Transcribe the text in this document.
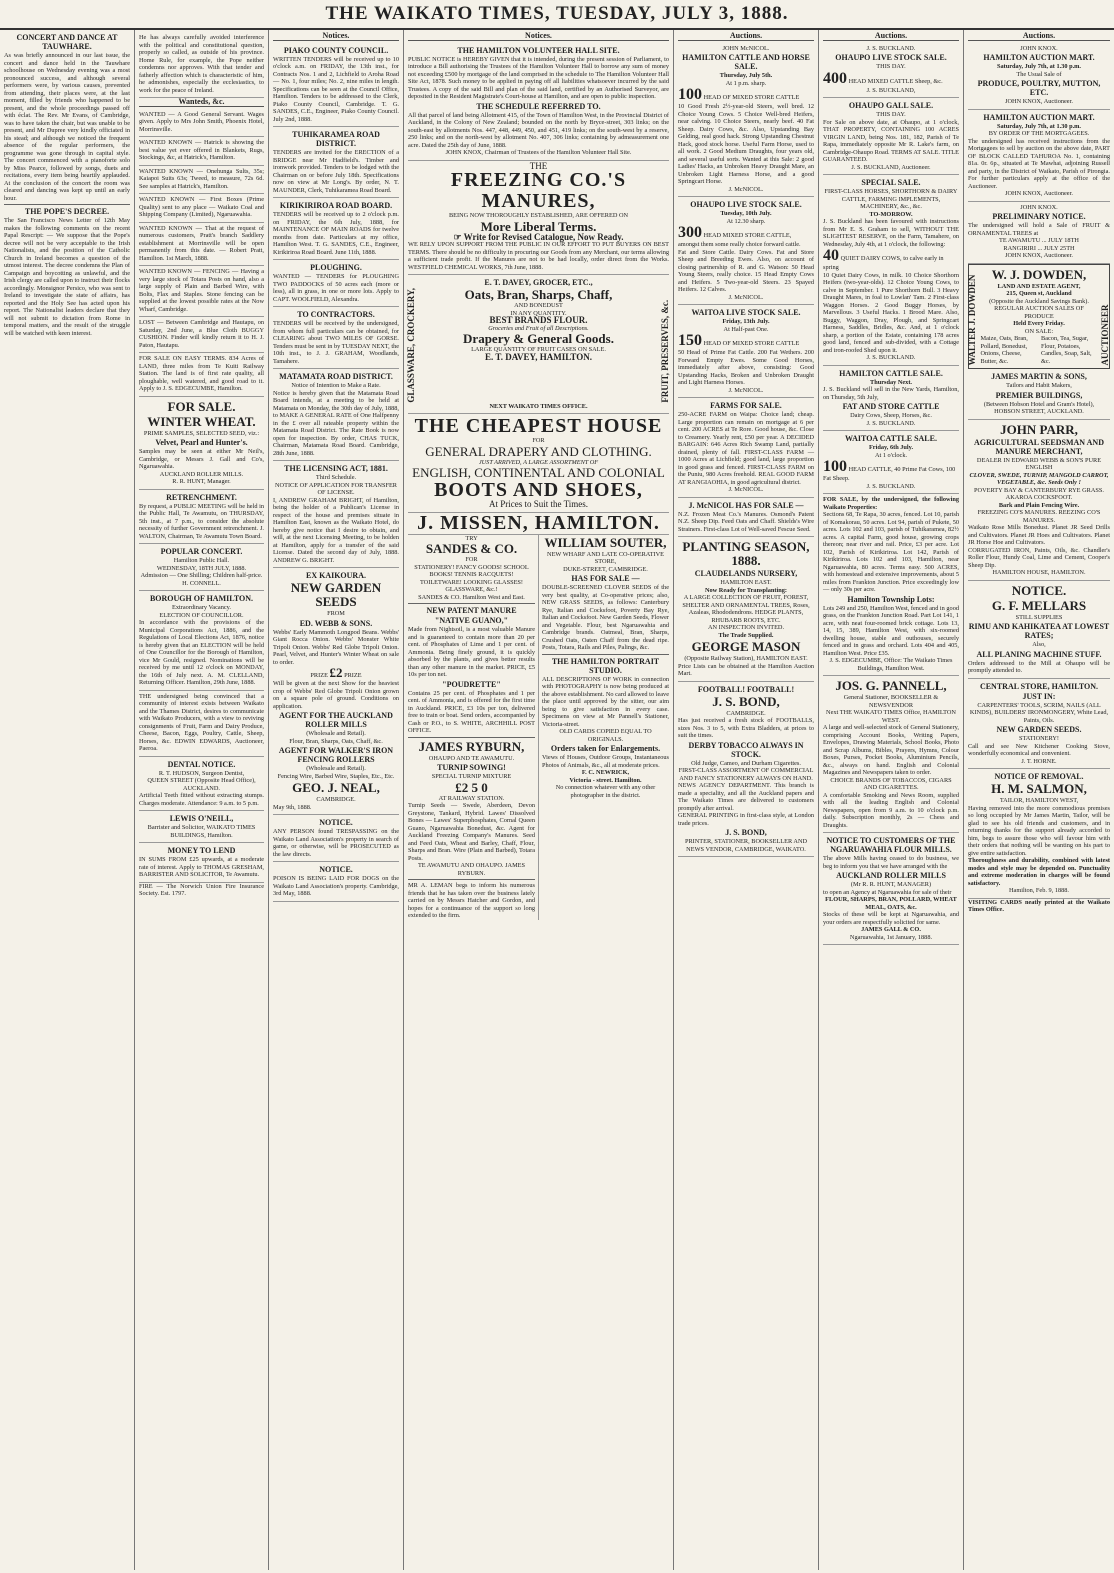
THE WAIKATO TIMES, TUESDAY, JULY 3, 1888.
CONCERT AND DANCE AT TAUWHARE.
As was briefly announced in our last issue, the concert and dance held in the Tauwhare schoolhouse on Wednesday evening was a most pronounced success, and although several performers were, by various causes, prevented from attending, their places were, at the last moment, filled by friends who happened to be present, and the whole proceedings passed off with éclat. The Rev. Mr Evans, of Cambridge, was to have taken the chair, but was unable to be present, and Mr Dupree very kindly officiated in his stead; and although we noticed the frequent absence of the regular performers, the programme was gone through in capital style. The concert commenced with a pianoforte solo by Miss Pearce, followed by songs, duets and recitations, every item being heartily applauded. At the conclusion of the concert the room was cleared and dancing was kept up until an early hour.
THE POPE'S DECREE.
The San Francisco News Letter of 12th May makes the following comments on the recent Papal Rescript: — We suppose that the Pope's decree will not be very acceptable to the Irish Nationalists, and the position of the Catholic Church in Ireland becomes a question of the utmost interest. The decree condemns the Plan of Campaign and boycotting as unlawful, and the Irish clergy are called upon to instruct their flocks accordingly. Monsignor Persico, who was sent to Ireland to investigate the state of affairs, has reported and the Holy See has acted upon his report. The Nationalist leaders declare that they will not submit to dictation from Rome in temporal matters, and the result of the struggle will be watched with keen interest.
He has always carefully avoided interference with the political and constitutional question, properly so called, as outside of his province. Home Rule, for example, the Pope neither condemns nor approves. With that tender and fatherly affection which is characteristic of him, he admonishes, especially the ecclesiastics, to work for the peace of Ireland.
Wanteds, &c.
WANTED — A Good General Servant. Wages given. Apply to Mrs John Smith, Phoenix Hotel, Morrinsville.
WANTED KNOWN — Hatrick is showing the best value yet ever offered in Blankets, Rugs, Stockings, &c, at Hatrick's, Hamilton.
WANTED KNOWN — Onehunga Sults, 35s; Kaiapoi Suits 63s; Tweed, to measure, 72s 6d. See samples at Hatrick's, Hamilton.
WANTED KNOWN — First Boxes (Prime Quality) sent to any place — Waikato Coal and Shipping Company (Limited), Ngaruawahia.
WANTED KNOWN — That at the request of numerous customers, Pratt's branch Saddlery establishment at Morrinsville will be open permanently from this date. — Robert Pratt, Hamilton. 1st March, 1888.
WANTED KNOWN — FENCING — Having a very large stock of Totara Posts on hand, also a large supply of Plain and Barbed Wire, with Bolts, Flax and Staples. Stone fencing can be supplied at the lowest possible rates at the Now Wharf, Cambridge.
LOST — Between Cambridge and Hautapu, on Saturday, 2nd June, a Blue Cloth BUGGY CUSHION. Finder will kindly return it to H. J. Paton, Hautapu.
FOR SALE ON EASY TERMS. 834 Acres of LAND, three miles from Te Kuiti Railway Station. The land is of first rate quality, all ploughable, well watered, and good road to it. Apply to J. S. EDGECUMBE, Hamilton.
FOR SALE.
WINTER WHEAT.
PRIME SAMPLES, SELECTED SEED, viz.:
Velvet, Pearl and Hunter's.
Samples may be seen at either Mr Neil's, Cambridge, or Messrs J. Gall and Co's, Ngaruawahia.
AUCKLAND ROLLER MILLS.
R. R. HUNT, Manager.
RETRENCHMENT.
By request, a PUBLIC MEETING will be held in the Public Hall, Te Awamutu, on THURSDAY, 5th inst., at 7 p.m., to consider the absolute necessity of further Government retrenchment. J. WALTON, Chairman, Te Awamutu Town Board.
POPULAR CONCERT.
Hamilton Public Hall.
WEDNESDAY, 18TH JULY, 1888.
Admission — One Shilling; Children half-price. H. CONNELL.
BOROUGH OF HAMILTON.
Extraordinary Vacancy.
ELECTION OF COUNCILLOR.
In accordance with the provisions of the Municipal Corporations Act, 1886, and the Regulations of Local Elections Act, 1876, notice is hereby given that an ELECTION will be held of One Councillor for the Borough of Hamilton, vice Mr Gould, resigned. Nominations will be received by me until 12 o'clock on MONDAY, the 16th of July next. A. M. CLELLAND, Returning Officer. Hamilton, 29th June, 1888.
THE undersigned being convinced that a community of interest exists between Waikato and the Thames District, desires to communicate with Waikato Producers, with a view to reviving consignments of Fruit, Farm and Dairy Produce, Cheese, Bacon, Eggs, Poultry, Cattle, Sheep, Horses, &c. EDWIN EDWARDS, Auctioneer, Paeroa.
DENTAL NOTICE.
R. T. HUDSON, Surgeon Dentist,
QUEEN STREET (Opposite Head Office), AUCKLAND.
Artificial Teeth fitted without extracting stumps. Charges moderate. Attendance: 9 a.m. to 5 p.m.
LEWIS O'NEILL,
Barrister and Solicitor, WAIKATO TIMES BUILDINGS, Hamilton.
MONEY TO LEND
IN SUMS FROM £25 upwards, at a moderate rate of interest. Apply to THOMAS GRESHAM, BARRISTER AND SOLICITOR, Te Awamutu.
FIRE — The Norwich Union Fire Insurance Society. Est. 1797.
Notices.
PIAKO COUNTY COUNCIL.
WRITTEN TENDERS will be received up to 10 o'clock a.m. on FRIDAY, the 13th inst., for Contracts Nos. 1 and 2, Lichfield to Aroha Road — No. 1, four miles; No. 2, nine miles in length. Specifications can be seen at the Council Office, Hamilton. Tenders to be addressed to the Clerk, Piako County Council, Cambridge. T. G. SANDES, C.E., Engineer, Piako County Council. July 2nd, 1888.
TUHIKARAMEA ROAD DISTRICT.
TENDERS are invited for the ERECTION of a BRIDGE near Mr Hadfield's. Timber and ironwork provided. Tenders to be lodged with the Chairman on or before July 18th. Specifications now on view at Mr Long's. By order, N. T. MAUNDER, Clerk, Tuhikaramea Road Board.
KIRIKIRIROA ROAD BOARD.
TENDERS will be received up to 2 o'clock p.m. on FRIDAY, the 6th July, 1888, for MAINTENANCE OF MAIN ROADS for twelve months from date. Particulars at my office, Hamilton West. T. G. SANDES, C.E., Engineer, Kirikiriroa Road Board. June 11th, 1888.
PLOUGHING.
WANTED — TENDERS for PLOUGHING TWO PADDOCKS of 50 acres each (more or less), all in grass, in one or more lots. Apply to CAPT. WOOLFIELD, Alexandra.
TO CONTRACTORS.
TENDERS will be received by the undersigned, from whom full particulars can be obtained, for CLEARING about TWO MILES OF GORSE. Tenders must be sent in by TUESDAY NEXT, the 10th inst., to J. J. GRAHAM, Woodlands, Tamahere.
MATAMATA ROAD DISTRICT.
Notice of Intention to Make a Rate.
Notice is hereby given that the Matamata Road Board intends, at a meeting to be held at Matamata on Monday, the 30th day of July, 1888, to MAKE A GENERAL RATE of One Halfpenny in the £ over all rateable property within the Matamata Road District. The Rate Book is now open for inspection. By order, CHAS TUCK, Chairman, Matamata Road Board. Cambridge, 28th June, 1888.
THE LICENSING ACT, 1881.
Third Schedule.
NOTICE OF APPLICATION FOR TRANSFER OF LICENSE.
I, ANDREW GRAHAM BRIGHT, of Hamilton, being the holder of a Publican's License in respect of the house and premises situate in Hamilton East, known as the Waikato Hotel, do hereby give notice that I desire to obtain, and will, at the next Licensing Meeting, to be holden at Hamilton, apply for a transfer of the said License. Dated the second day of July, 1888. ANDREW G. BRIGHT.
EX KAIKOURA.
NEW GARDEN SEEDS
FROM
ED. WEBB & SONS.
Webbs' Early Mammoth Longpod Beans. Webbs' Giant Rocca Onion. Webbs' Monster White Tripoli Onion. Webbs' Red Globe Tripoli Onion. Pearl, Velvet, and Hunter's Winter Wheat on sale to order.
PRIZE £2 PRIZE
Will be given at the next Show for the heaviest crop of Webbs' Red Globe Tripoli Onion grown on a square pole of ground. Conditions on application.
AGENT FOR THE AUCKLAND ROLLER MILLS
(Wholesale and Retail).
Flour, Bran, Sharps, Oats, Chaff, &c.
AGENT FOR WALKER'S IRON FENCING ROLLERS
(Wholesale and Retail).
Fencing Wire, Barbed Wire, Staples, Etc., Etc.
GEO. J. NEAL,
CAMBRIDGE.
May 9th, 1888.
NOTICE.
ANY PERSON found TRESPASSING on the Waikato Land Association's property in search of game, or otherwise, will be PROSECUTED as the law directs.
NOTICE.
POISON IS BEING LAID FOR DOGS on the Waikato Land Association's property. Cambridge, 3rd May, 1888.
Notices.
THE HAMILTON VOLUNTEER HALL SITE.
PUBLIC NOTICE is HEREBY GIVEN that it is intended, during the present session of Parliament, to introduce a Bill authorising the Trustees of the Hamilton Volunteer Hall to borrow any sum of money not exceeding £500 by mortgage of the land comprised in the schedule to The Hamilton Volunteer Hall Site Act, 1878. Such money to be applied in paying off all liabilities whatsoever incurred by the said Trustees. A copy of the said Bill and plan of the said land, certified by an Authorised Surveyor, are deposited in the Resident Magistrate's Court-house at Hamilton, and are open to public inspection.
THE SCHEDULE REFERRED TO.
All that parcel of land being Allotment 415, of the Town of Hamilton West, in the Provincial District of Auckland, in the Colony of New Zealand; bounded on the north by Bryce-street, 303 links; on the south-east by allotments Nos. 447, 448, 449, 450, and 451, 419 links; on the south-west by a reserve, 250 links; and on the north-west by allotment No. 407, 306 links; containing by admeasurement one acre. Dated the 25th day of June, 1888.
JOHN KNOX, Chairman of Trustees of the Hamilton Volunteer Hall Site.
THE
FREEZING CO.'S MANURES,
BEING NOW THOROUGHLY ESTABLISHED, ARE OFFERED ON
More Liberal Terms.
☞ Write for Revised Catalogue, Now Ready.
WE RELY UPON SUPPORT FROM THE PUBLIC IN OUR EFFORT TO PUT BUYERS ON BEST TERMS. There should be no difficulty in procuring our Goods from any Merchant, our terms allowing a sufficient trade profit. If the Manures are not to be had locally, order direct from the Works. WESTFIELD CHEMICAL WORKS, 7th June, 1888.
E. T. DAVEY, GROCER, ETC.,
GLASSWARE, CROCKERY,	Oats, Bran, Sharps, Chaff,
AND BONEDUST
IN ANY QUANTITY.
BEST BRANDS FLOUR.
Groceries and Fruit of all Descriptions.
Drapery & General Goods.
LARGE QUANTITY OF FRUIT CASES ON SALE.
E. T. DAVEY, HAMILTON.	FRUIT, PRESERVES, &c.
NEXT WAIKATO TIMES OFFICE.
THE CHEAPEST HOUSE
FOR
GENERAL DRAPERY AND CLOTHING.
JUST ARRIVED, A LARGE ASSORTMENT OF
ENGLISH, CONTINENTAL AND COLONIAL
BOOTS AND SHOES,
At Prices to Suit the Times.
J. MISSEN, HAMILTON.
TRY
SANDES & CO.
FOR
STATIONERY! FANCY GOODS! SCHOOL BOOKS! TENNIS RACQUETS! TOILETWARE! LOOKING GLASSES! GLASSWARE, &c.!
SANDES & CO. Hamilton West and East.
NEW PATENT MANURE
"NATIVE GUANO,"
Made from Nightsoil, is a most valuable Manure and is guaranteed to contain more than 20 per cent. of Phosphates of Lime and 1 per cent. of Ammonia. Being finely ground, it is quickly absorbed by the plants, and gives better results than any other manure in the market. PRICE, £5 10s per ton net.
"POUDRETTE"
Contains 25 per cent. of Phosphates and 1 per cent. of Ammonia, and is offered for the first time in Auckland. PRICE, £3 10s per ton, delivered free to train or boat. Send orders, accompanied by Cash or P.O., to S. WHITE, ARCHHILL POST OFFICE.
JAMES RYBURN,
OHAUPO AND TE AWAMUTU.
TURNIP SOWING!
SPECIAL TURNIP MIXTURE
£2 5 0
AT RAILWAY STATION.
Turnip Seeds — Swede, Aberdeen, Devon Greystone, Tankard, Hybrid. Lawes' Dissolved Bones — Lawes' Superphosphates, Cornal Queen Guano, Ngaruawahia Bonedust, &c. Agent for Auckland Freezing Company's Manures. Seed and Feed Oats, Wheat and Barley, Chaff, Flour, Sharps and Bran. Wire (Plain and Barbed), Totara Posts.
TE AWAMUTU AND OHAUPO. JAMES RYBURN.
MR A. LEMAN begs to inform his numerous friends that he has taken over the business lately carried on by Messrs Hatcher and Gordon, and hopes for a continuance of the support so long extended to the firm.
WILLIAM SOUTER,
NEW WHARF AND LATE CO-OPERATIVE STORE,
DUKE-STREET, CAMBRIDGE.
HAS FOR SALE —
DOUBLE-SCREENED CLOVER SEEDS of the very best quality, at Co-operative prices; also, NEW GRASS SEEDS, as follows: Canterbury Rye, Italian and Cocksfoot, Poverty Bay Rye, Italian and Cocksfoot. New Garden Seeds, Flower and Vegetable. Flour, best Ngaruawahia and Cambridge brands. Oatmeal, Bran, Sharps, Crushed Oats, Oaten Chaff from the dead ripe. Posts, Totara, Rails and Piles, Palings, &c.
THE HAMILTON PORTRAIT STUDIO.
ALL DESCRIPTIONS OF WORK in connection with PHOTOGRAPHY is now being produced at the above establishment. No card allowed to leave the place until approved by the sitter, our aim being to give satisfaction in every case. Specimens on view at Mr Pannell's Stationer, Victoria-street.
OLD CARDS COPIED EQUAL TO ORIGINALS.
Orders taken for Enlargements.
Views of Houses, Outdoor Groups, Instantaneous Photos of Animals, &c., all at moderate prices.
F. C. NEWRICK,
Victoria - street. Hamilton.
No connection whatever with any other photographer in the district.
Auctions.
JOHN McNICOL.
HAMILTON CATTLE AND HORSE SALE.
Thursday, July 5th.
At 1 p.m. sharp.
100 HEAD OF MIXED STORE CATTLE
10 Good Fresh 2½-year-old Steers, well bred. 12 Choice Young Cows. 5 Choice Well-bred Heifers, near calving. 10 Choice Steers, nearly beef. 40 Fat Sheep. Dairy Cows, &c. Also, Upstanding Bay Gelding, real good hack. Strong Upstanding Chestnut Hack, good stock horse. Useful Farm Horse, used to all work. 2 Good Medium Draughts, four years old, and several useful sorts. Wanted at this Sale: 2 good Ladies' Hacks, an Unbroken Heavy Draught Mare, an Unbroken Light Harness Horse, and a good Springcart Horse.
J. McNICOL.
OHAUPO LIVE STOCK SALE.
Tuesday, 10th July.
At 12.30 sharp.
300 HEAD MIXED STORE CATTLE, amongst them some really choice forward cattle.
Fat and Store Cattle. Dairy Cows. Fat and Store Sheep and Breeding Ewes. Also, on account of closing partnership of R. and G. Watson: 50 Head Young Steers, really choice. 15 Head Empty Cows and Heifers. 5 Two-year-old Steers. 23 Spayed Heifers. 12 Calves.
J. McNICOL.
WAITOA LIVE STOCK SALE.
Friday, 13th July.
At Half-past One.
150 HEAD OF MIXED STORE CATTLE
50 Head of Prime Fat Cattle. 200 Fat Wethers. 200 Forward Empty Ewes. Some Good Horses, immediately after above, consisting: Good Upstanding Hacks, Broken and Unbroken Draught and Light Harness Horses.
J. McNICOL.
FARMS FOR SALE.
250-ACRE FARM on Waipa: Choice land; cheap. Large proportion can remain on mortgage at 6 per cent. 200 ACRES at Te Rore. Good house, &c. Close to Creamery. Yearly rent, £50 per year. A DECIDED BARGAIN: 646 Acres Rich Swamp Land, partially drained, plenty of fall. FIRST-CLASS FARM — 1000 Acres at Lichfield; good land, large proportion in good grass and fenced. FIRST-CLASS FARM on the Puniu, 980 Acres freehold. REAL GOOD FARM AT RANGIAOHIA, in good agricultural district.
J. McNICOL.
J. McNICOL HAS FOR SALE —
N.Z. Frozen Meat Co.'s Manures. Osmond's Patent N.Z. Sheep Dip. Feed Oats and Chaff. Shields's Wire Strainers. First-class Lot of Well-saved Fescue Seed.
PLANTING SEASON, 1888.
CLAUDELANDS NURSERY,
HAMILTON EAST.
Now Ready for Transplanting:
A LARGE COLLECTION OF FRUIT, FOREST, SHELTER AND ORNAMENTAL TREES, Roses, Azaleas, Rhododendrons. HEDGE PLANTS, RHUBARB ROOTS, ETC.
AN INSPECTION INVITED.
The Trade Supplied.
GEORGE MASON
(Opposite Railway Station), HAMILTON EAST.
Price Lists can be obtained at the Hamilton Auction Mart.
FOOTBALL! FOOTBALL!
J. S. BOND,
CAMBRIDGE.
Has just received a fresh stock of FOOTBALLS, sizes Nos. 3 to 5, with Extra Bladders, at prices to suit the times.
DERBY TOBACCO ALWAYS IN STOCK.
Old Judge, Cameo, and Durham Cigarettes.
FIRST-CLASS ASSORTMENT OF COMMERCIAL AND FANCY STATIONERY ALWAYS ON HAND.
NEWS AGENCY DEPARTMENT. This branch is made a speciality, and all the Auckland papers and The Waikato Times are delivered to customers promptly after arrival.
GENERAL PRINTING in first-class style, at London trade prices.
J. S. BOND,
PRINTER, STATIONER, BOOKSELLER AND NEWS VENDOR, CAMBRIDGE, WAIKATO.
Auctions.
J. S. BUCKLAND.
OHAUPO LIVE STOCK SALE.
THIS DAY.
400 HEAD MIXED CATTLE Sheep, &c.
J. S. BUCKLAND,
OHAUPO GALL SALE.
THIS DAY.
For Sale on above date, at Ohaupo, at 1 o'clock, THAT PROPERTY, CONTAINING 100 ACRES VIRGIN LAND, being Nos. 181, 182, Parish of Te Rapa, immediately opposite Mr R. Lake's farm, on Cambridge-Ohaupo Road. TERMS AT SALE. TITLE GUARANTEED.
J. S. BUCKLAND, Auctioneer.
SPECIAL SALE.
FIRST-CLASS HORSES, SHORTHORN & DAIRY CATTLE, FARMING IMPLEMENTS, MACHINERY, &c., &c.
TO-MORROW.
J. S. Buckland has been favoured with instructions from Mr E. S. Graham to sell, WITHOUT THE SLIGHTEST RESERVE, on the Farm, Tamahere, on Wednesday, July 4th, at 1 o'clock, the following:
40 QUIET DAIRY COWS, to calve early in spring
10 Quiet Dairy Cows, in milk. 10 Choice Shorthorn Heifers (two-year-olds). 12 Choice Young Cows, to calve in September. 1 Pure Shorthorn Bull. 3 Heavy Draught Mares, in foal to Lowlan' Tam. 2 First-class Waggon Horses. 2 Good Buggy Horses, by Marvellous. 3 Useful Hacks. 1 Brood Mare. Also, Buggy, Waggon, Dray, Plough, and Springcart Harness, Saddles, Bridles, &c. And, at 1 o'clock sharp, a portion of the Estate, containing 178 acres good land, fenced and sub-divided, with a Cottage and iron-roofed Shed upon it.
J. S. BUCKLAND.
HAMILTON CATTLE SALE.
Thursday Next.
J. S. Buckland will sell in the New Yards, Hamilton, on Thursday, 5th July,
FAT AND STORE CATTLE
Dairy Cows, Sheep, Horses, &c.
J. S. BUCKLAND.
WAITOA CATTLE SALE.
Friday, 6th July.
At 1 o'clock.
100 HEAD CATTLE, 40 Prime Fat Cows, 100 Fat Sheep.
J. S. BUCKLAND.
FOR SALE, by the undersigned, the following Waikato Properties:
Sections 68, Te Rapa, 30 acres, fenced. Lot 10, parish of Komakorau, 50 acres. Lot 94, parish of Pukete, 50 acres. Lots 102 and 103, parish of Tuhikaramea, 82½ acres. A capital Farm, good house, growing crops thereon; near river and rail. Price, £3 per acre. Lot 102, Parish of Kirikiriroa. Lot 142, Parish of Kirikiriroa. Lots 102 and 103, Hamilton, near Ngaruawahia, 80 acres. Terms easy. 500 ACRES, with homestead and extensive improvements, about 5 miles from Frankton Junction. Price exceedingly low — only 30s per acre.
Hamilton Township Lots:
Lots 249 and 250, Hamilton West, fenced and in good grass, on the Frankton Junction Road. Part Lot 141, 1 acre, with neat four-roomed brick cottage. Lots 13, 14, 15, 389, Hamilton West, with six-roomed dwelling house, stable and outhouses, securely fenced and in grass and orchard. Lots 404 and 405, Hamilton West. Price £35.
J. S. EDGECUMBE, Office: The Waikato Times Buildings, Hamilton West.
JOS. G. PANNELL,
General Stationer, BOOKSELLER & NEWSVENDOR
Next THE WAIKATO TIMES Office, HAMILTON WEST.
A large and well-selected stock of General Stationery, comprising Account Books, Writing Papers, Envelopes, Drawing Materials, School Books, Photo and Scrap Albums, Bibles, Prayers, Hymns, Colour Boxes, Purses, Pocket Books, Aluminium Pencils, &c., always on hand. English and Colonial Magazines and Newspapers taken to order.
CHOICE BRANDS OF TOBACCOS, CIGARS AND CIGARETTES.
A comfortable Smoking and News Room, supplied with all the leading English and Colonial Newspapers, open from 9 a.m. to 10 o'clock p.m. daily. Subscription monthly, 2s — Chess and Draughts.
NOTICE TO CUSTOMERS OF THE NGARUAWAHIA FLOUR MILLS.
The above Mills having ceased to do business, we beg to inform you that we have arranged with the
AUCKLAND ROLLER MILLS
(Mr R. R. HUNT, MANAGER)
to open an Agency at Ngaruawahia for sale of their
FLOUR, SHARPS, BRAN, POLLARD, WHEAT MEAL, OATS, &c.
Stocks of these will be kept at Ngaruawahia, and your orders are respectfully solicited for same.
JAMES GALL & CO.
Ngaruawahia, 1st January, 1888.
Auctions.
JOHN KNOX.
HAMILTON AUCTION MART.
Saturday, July 7th, at 1.30 p.m.
The Usual Sale of
PRODUCE, POULTRY, MUTTON, ETC.
JOHN KNOX, Auctioneer.
HAMILTON AUCTION MART.
Saturday, July 7th, at 1.30 p.m.
BY ORDER OF THE MORTGAGEES.
The undersigned has received instructions from the Mortgagees to sell by auction on the above date, PART OF BLOCK CALLED TAHUROA No. 1, containing 81a. 0r. 6p., situated at Te Mawhai, adjoining Russell and party, in the District of Waikato, Parish of Pirongia. For further particulars apply at the office of the Auctioneer.
JOHN KNOX, Auctioneer.
JOHN KNOX.
PRELIMINARY NOTICE.
The undersigned will hold a Sale of FRUIT & ORNAMENTAL TREES at
TE AWAMUTU ... JULY 18TH
RANGIRIRI ... JULY 25TH
JOHN KNOX, Auctioneer.
WALTER J. DOWDEN
W. J. DOWDEN,
LAND AND ESTATE AGENT,
215, Queen st, Auckland
(Opposite the Auckland Savings Bank).
REGULAR AUCTION SALES OF PRODUCE
Held Every Friday.
ON SALE:
Maize, Oats, Bran, Pollard, Bonedust, Onions, Cheese, Butter, &c.
Bacon, Tea, Sugar, Flour, Potatoes, Candles, Soap, Salt, &c.	AUCTIONEER
JAMES MARTIN & SONS,
Tailors and Habit Makers,
PREMIER BUILDINGS,
(Between Hobson Hotel and Gram's Hotel),
HOBSON STREET, AUCKLAND.
JOHN PARR,
AGRICULTURAL SEEDSMAN AND MANURE MERCHANT,
DEALER IN EDWARD WEBB & SON'S PURE ENGLISH
CLOVER, SWEDE, TURNIP, MANGOLD CARROT, VEGETABLE, &c. Seeds Only !
POVERTY BAY & CANTERBURY RYE GRASS.
AKAROA COCKSFOOT.
Bark and Plain Fencing Wire.
FREEZING CO'S MANURES. REEZING CO'S MANURES.
Waikato Rose Mills Bonedust. Planet JR Seed Drills and Cultivators. Planet JR Hoes and Cultivators. Planet JR Horse Hoe and Cultivators.
CORRUGATED IRON, Paints, Oils, &c. Chandler's Roller Flour, Hundy Coal, Lime and Cement, Cooper's Sheep Dip.
HAMILTON HOUSE, HAMILTON.
NOTICE.
G. F. MELLARS
STILL SUPPLIES
RIMU AND KAHIKATEA AT LOWEST RATES;
Also,
ALL PLANING MACHINE STUFF.
Orders addressed to the Mill at Ohaupo will be promptly attended to.
CENTRAL STORE, HAMILTON.
JUST IN:
CARPENTERS' TOOLS, SCRIM, NAILS (ALL KINDS), BUILDERS' IRONMONGERY, White Lead, Paints, Oils.
NEW GARDEN SEEDS.
STATIONERY!
Call and see New Kitchener Cooking Stove, wonderfully economical and convenient.
J. T. HORNE.
NOTICE OF REMOVAL.
H. M. SALMON,
TAILOR, HAMILTON WEST,
Having removed into the more commodious premises so long occupied by Mr James Martin, Tailor, will be glad to see his old friends and customers, and in returning thanks for the support already accorded to him, begs to assure those who will favour him with their orders that nothing will be wanting on his part to give entire satisfaction.
Thoroughness and durability, combined with latest modes and style may be depended on. Punctuality and extreme moderation in charges will be found satisfactory.
Hamilton, Feb. 9, 1888.
VISITING CARDS neatly printed at the Waikato Times Office.
